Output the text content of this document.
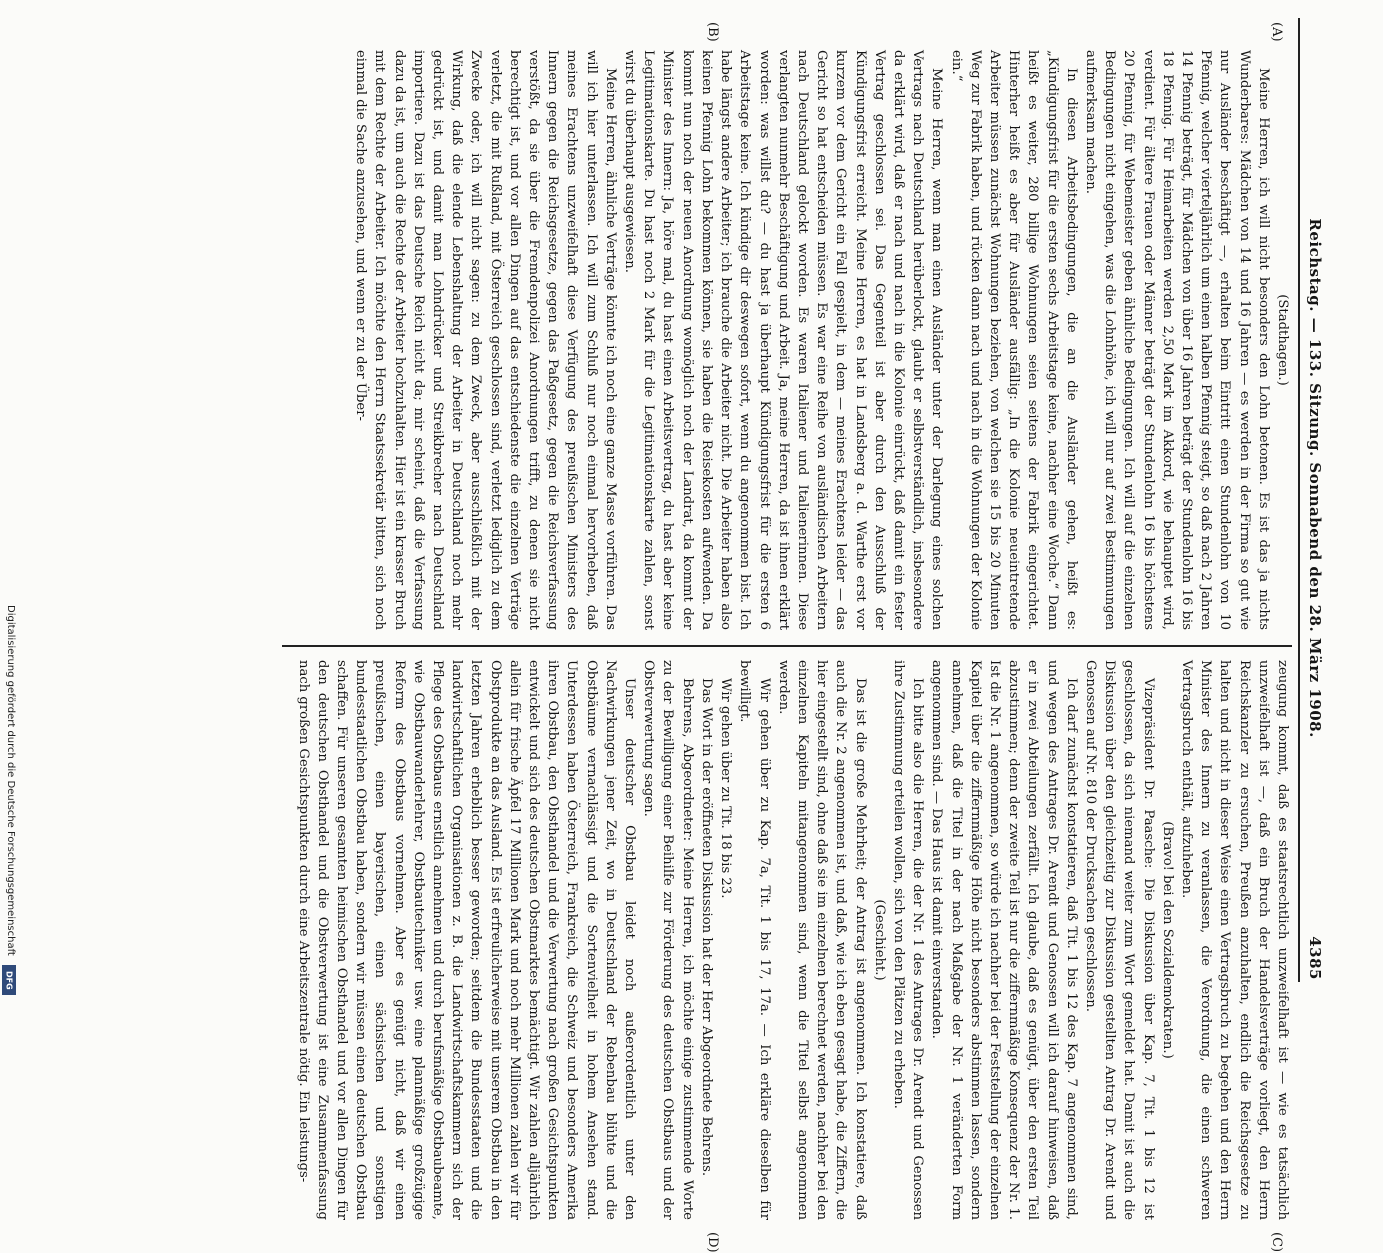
Reichstag. — 133. Sitzung. Sonnabend den 28. März 1908.
4385
(A)
(B)
(C)
(D)

(Stadthagen.)

Meine Herren, ich will nicht besonders den Lohn betonen. Es ist das ja nichts Wunderbares: Mädchen von 14 und 16 Jahren — es werden in der Firma so gut wie nur Ausländer beschäftigt —, erhalten beim Eintritt einen Stundenlohn von 10 Pfennig, welcher vierteljährlich um einen halben Pfennig steigt, so daß nach 2 Jahren 14 Pfennig beträgt, für Mädchen von über 16 Jahren beträgt der Stundenlohn 16 bis 18 Pfennig. Für Heimarbeiten werden 2,50 Mark im Akkord, wie behauptet wird, verdient. Für ältere Frauen oder Männer beträgt der Stundenlohn 16 bis höchstens 20 Pfennig, für Webemeister geben ähnliche Bedingungen. Ich will auf die einzelnen Bedingungen nicht eingehen, was die Lohnhöhe, ich will nur auf zwei Bestimmungen aufmerksam machen.

In diesen Arbeitsbedingungen, die an die Ausländer gehen, heißt es: „Kündigungsfrist für die ersten sechs Arbeitstage keine, nachher eine Woche.“ Dann heißt es weiter, 280 billige Wohnungen seien seitens der Fabrik eingerichtet. Hinterher heißt es aber für Ausländer ausfällig: „In die Kolonie neueintretende Arbeiter müssen zunächst Wohnungen beziehen, von welchen sie 15 bis 20 Minuten Weg zur Fabrik haben, und rücken dann nach und nach in die Wohnungen der Kolonie ein.“

Meine Herren, wenn man einen Ausländer unter der Darlegung eines solchen Vertrags nach Deutschland herüberlockt, glaubt er selbstverständlich, insbesondere da erklärt wird, daß er nach und nach in die Kolonie einrückt, daß damit ein fester Vertrag geschlossen sei. Das Gegenteil ist aber durch den Ausschluß der Kündigungsfrist erreicht. Meine Herren, es hat in Landsberg a. d. Warthe erst vor kurzem vor dem Gericht ein Fall gespielt, in dem — meines Erachtens leider — das Gericht so hat entscheiden müssen. Es war eine Reihe von ausländischen Arbeitern nach Deutschland gelockt worden. Es waren Italiener und Italienerinnen. Diese verlangten nunmehr Beschäftigung und Arbeit. Ja, meine Herren, da ist ihnen erklärt worden: was willst du? — du hast ja überhaupt Kündigungsfrist für die ersten 6 Arbeitstage keine. Ich kündige dir deswegen sofort, wenn du angenommen bist. Ich habe längst andere Arbeiter; ich brauche die Arbeiter nicht. Die Arbeiter haben also keinen Pfennig Lohn bekommen können, sie haben die Reisekosten aufwenden. Da kommt nun noch der neuen Anordnung womöglich noch der Landrat, da kommt der Minister des Innern: Ja, höre mal, du hast einen Arbeitsvertrag, du hast aber keine Legitimationskarte. Du hast noch 2 Mark für die Legitimationskarte zahlen, sonst wirst du überhaupt ausgewiesen.

Meine Herren, ähnliche Verträge könnte ich noch eine ganze Masse vorführen. Das will ich hier unterlassen. Ich will zum Schluß nur noch einmal hervorheben, daß meines Erachtens unzweifelhaft diese Verfügung des preußischen Ministers des Innern gegen die Reichsgesetze, gegen das Paßgesetz, gegen die Reichsverfassung verstößt, da sie über die Fremdenpolizei Anordnungen trifft, zu denen sie nicht berechtigt ist, und vor allen Dingen auf das entschiedenste die einzelnen Verträge verletzt, die mit Rußland, mit Österreich geschlossen sind, verletzt lediglich zu dem Zwecke oder, ich will nicht sagen: zu dem Zweck, aber ausschließlich mit der Wirkung, daß die elende Lebenshaltung der Arbeiter in Deutschland noch mehr gedrückt ist, und damit man Lohndrücker und Streikbrecher nach Deutschland importiere. Dazu ist das Deutsche Reich nicht da; mir scheint, daß die Verfassung dazu da ist, um auch die Rechte der Arbeiter hochzuhalten. Hier ist ein krasser Bruch mit dem Rechte der Arbeiter. Ich möchte den Herrn Staatssekretär bitten, sich noch einmal die Sache anzusehen, und wenn er zu der Über-

zeugung kommt, daß es staatsrechtlich unzweifelhaft ist — wie es tatsächlich unzweifelhaft ist —, daß ein Bruch der Handelsverträge vorliegt, den Herrn Reichskanzler zu ersuchen, Preußen anzuhalten, endlich die Reichsgesetze zu halten und nicht in dieser Weise einen Vertragsbruch zu begehen und den Herrn Minister des Innern zu veranlassen, die Verordnung, die einen schweren Vertragsbruch enthält, aufzuheben.

(Bravo! bei den Sozialdemokraten.)

Vizepräsident Dr. Paasche: Die Diskussion über Kap. 7, Tit. 1 bis 12 ist geschlossen, da sich niemand weiter zum Wort gemeldet hat. Damit ist auch die Diskussion über den gleichzeitig zur Diskussion gestellten Antrag Dr. Arendt und Genossen auf Nr. 810 der Drucksachen geschlossen.

Ich darf zunächst konstatieren, daß Tit. 1 bis 12 des Kap. 7 angenommen sind, und wegen des Antrages Dr. Arendt und Genossen will ich darauf hinweisen, daß er in zwei Abteilungen zerfällt. Ich glaube, daß es genügt, über den ersten Teil abzustimmen; denn der zweite Teil ist nur die ziffernmäßige Konsequenz der Nr. 1. Ist die Nr. 1 angenommen, so würde ich nachher bei der Feststellung der einzelnen Kapitel über die ziffernmäßige Höhe nicht besonders abstimmen lassen, sondern annehmen, daß die Titel in der nach Maßgabe der Nr. 1 veränderten Form angenommen sind. — Das Haus ist damit einverstanden.

Ich bitte also die Herren, die der Nr. 1 des Antrages Dr. Arendt und Genossen ihre Zustimmung erteilen wollen, sich von den Plätzen zu erheben.

(Geschieht.)

Das ist die große Mehrheit; der Antrag ist angenommen. Ich konstatiere, daß auch die Nr. 2 angenommen ist, und daß, wie ich eben gesagt habe, die Ziffern, die hier eingestellt sind, ohne daß sie im einzelnen berechnet werden, nachher bei den einzelnen Kapiteln mitangenommen sind, wenn die Titel selbst angenommen werden.

Wir gehen über zu Kap. 7a, Tit. 1 bis 17, 17a. — Ich erkläre dieselben für bewilligt.

Wir gehen über zu Tit. 18 bis 23.

Das Wort in der eröffneten Diskussion hat der Herr Abgeordnete Behrens.

Behrens, Abgeordneter: Meine Herren, ich möchte einige zustimmende Worte zu der Bewilligung einer Beihilfe zur Förderung des deutschen Obstbaus und der Obstverwertung sagen.

Unser deutscher Obstbau leidet noch außerordentlich unter den Nachwirkungen jener Zeit, wo in Deutschland der Rebenbau blühte und die Obstbäume vernachlässigt und die Sortenvielheit in hohem Ansehen stand. Unterdessen haben Österreich, Frankreich, die Schweiz und besonders Amerika ihren Obstbau, den Obsthandel und die Verwertung nach großen Gesichtspunkten entwickelt und sich des deutschen Obstmarktes bemächtigt. Wir zahlen alljährlich allein für frische Äpfel 17 Millionen Mark und noch mehr Millionen zahlen wir für Obstprodukte an das Ausland. Es ist erfreulicherweise mit unserem Obstbau in den letzten Jahren erheblich besser geworden; seitdem die Bundesstaaten und die landwirtschaftlichen Organisationen z. B. die Landwirtschaftskammern sich der Pflege des Obstbaus ernstlich annehmen und durch berufsmäßige Obstbaubeamte, wie Obstbauwanderlehrer, Obstbautechniker usw. eine planmäßige großzügige Reform des Obstbaus vornehmen. Aber es genügt nicht, daß wir einen preußischen, einen bayerischen, einen sächsischen und sonstigen bundesstaatlichen Obstbau haben, sondern wir müssen einen deutschen Obstbau schaffen. Für unseren gesamten heimischen Obsthandel und vor allen Dingen für den deutschen Obsthandel und die Obstverwertung ist eine Zusammenfassung nach großen Gesichtspunkten durch eine Arbeitszentrale nötig. Ein leistungs-

Digitalisierung gefördert durch die Deutsche Forschungsgemeinschaft
DFG
